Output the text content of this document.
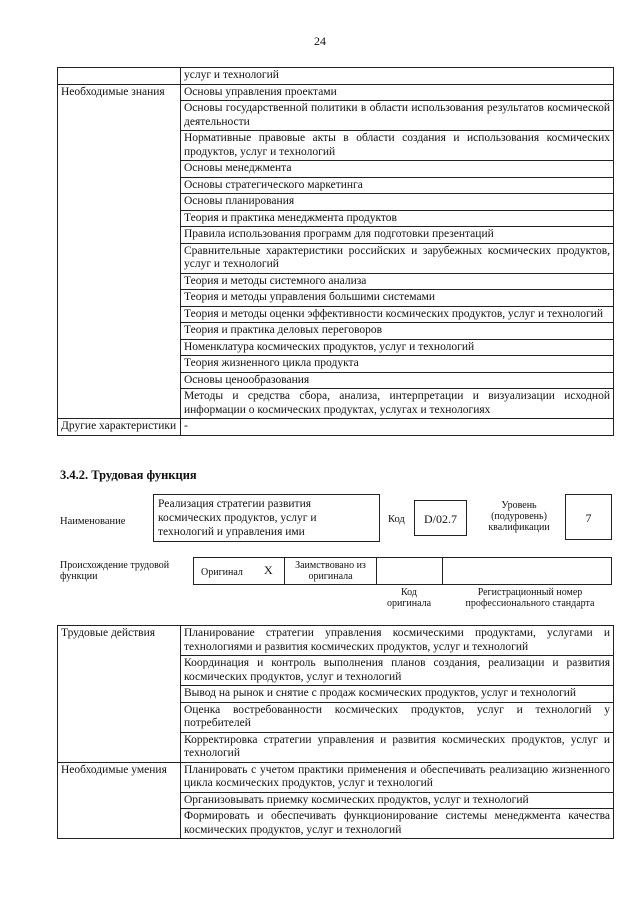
24
	услуг и технологий
Необходимые знания	Основы управления проектами
	Основы государственной политики в области использования результатов космической деятельности
	Нормативные правовые акты в области создания и использования космических продуктов, услуг и технологий
	Основы менеджмента
	Основы стратегического маркетинга
	Основы планирования
	Теория и практика менеджмента продуктов
	Правила использования программ для подготовки презентаций
	Сравнительные характеристики российских и зарубежных космических продуктов, услуг и технологий
	Теория и методы системного анализа
	Теория и методы управления большими системами
	Теория и методы оценки эффективности космических продуктов, услуг и технологий
	Теория и практика деловых переговоров
	Номенклатура космических продуктов, услуг и технологий
	Теория жизненного цикла продукта
	Основы ценообразования
	Методы и средства сбора, анализа, интерпретации и визуализации исходной информации о космических продуктах, услугах и технологиях
Другие характеристики	-
3.4.2. Трудовая функция
Наименование
Реализация стратегии развития космических продуктов, услуг и технологий и управления ими
Код	D/02.7
Уровень (подуровень) квалификации
7
Происхождение трудовой функции	Оригинал X	Заимствовано из оригинала
Код оригинала
Регистрационный номер профессионального стандарта
Трудовые действия	Планирование стратегии управления космическими продуктами, услугами и технологиями и развития космических продуктов, услуг и технологий
	Координация и контроль выполнения планов создания, реализации и развития космических продуктов, услуг и технологий
	Вывод на рынок и снятие с продаж космических продуктов, услуг и технологий
	Оценка востребованности космических продуктов, услуг и технологий у потребителей
	Корректировка стратегии управления и развития космических продуктов, услуг и технологий
Необходимые умения	Планировать с учетом практики применения и обеспечивать реализацию жизненного цикла космических продуктов, услуг и технологий
	Организовывать приемку космических продуктов, услуг и технологий
	Формировать и обеспечивать функционирование системы менеджмента качества космических продуктов, услуг и технологий
